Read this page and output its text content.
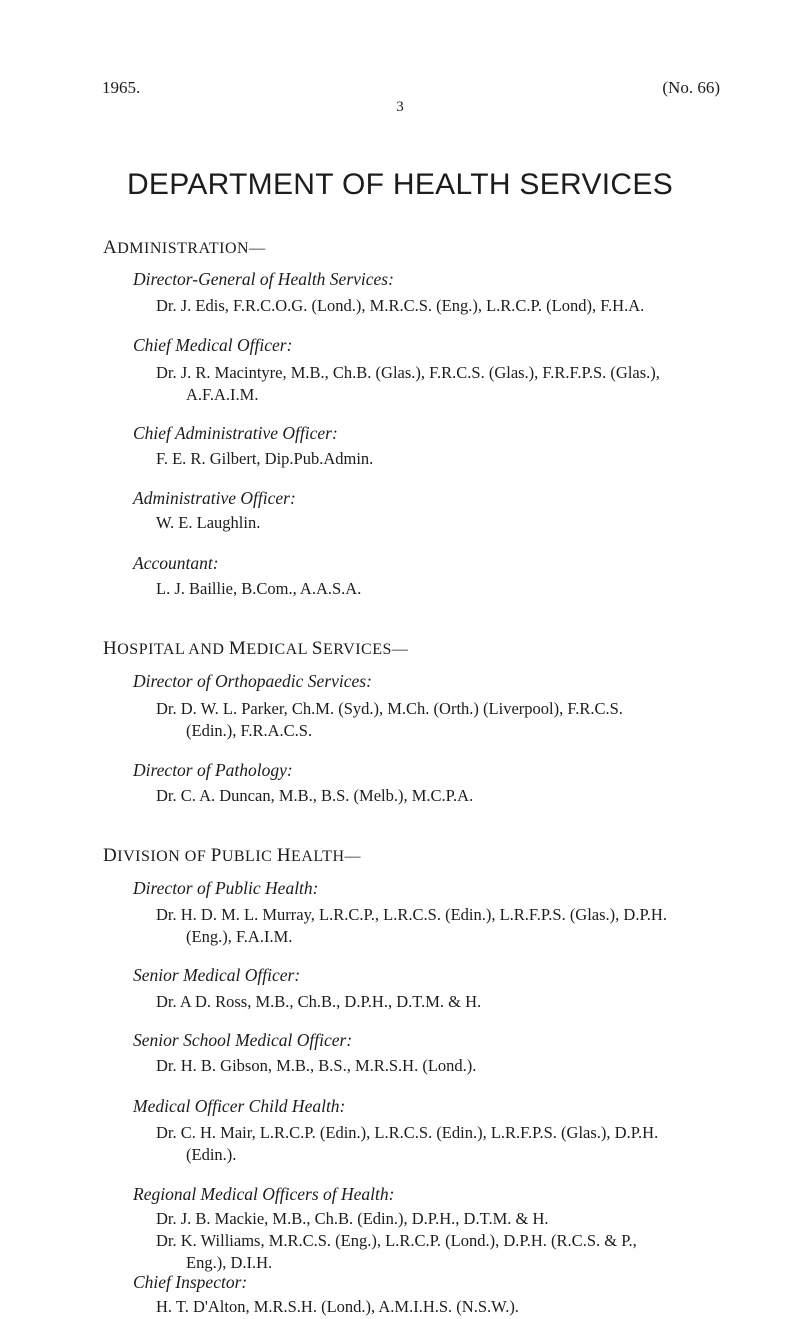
1965.	(No. 66)
3
DEPARTMENT OF HEALTH SERVICES
ADMINISTRATION—
Director-General of Health Services:
Dr. J. Edis, F.R.C.O.G. (Lond.), M.R.C.S. (Eng.), L.R.C.P. (Lond), F.H.A.
Chief Medical Officer:
Dr. J. R. Macintyre, M.B., Ch.B. (Glas.), F.R.C.S. (Glas.), F.R.F.P.S. (Glas.),
A.F.A.I.M.
Chief Administrative Officer:
F. E. R. Gilbert, Dip.Pub.Admin.
Administrative Officer:
W. E. Laughlin.
Accountant:
L. J. Baillie, B.Com., A.A.S.A.
HOSPITAL AND MEDICAL SERVICES—
Director of Orthopaedic Services:
Dr. D. W. L. Parker, Ch.M. (Syd.), M.Ch. (Orth.) (Liverpool), F.R.C.S.
(Edin.), F.R.A.C.S.
Director of Pathology:
Dr. C. A. Duncan, M.B., B.S. (Melb.), M.C.P.A.
DIVISION OF PUBLIC HEALTH—
Director of Public Health:
Dr. H. D. M. L. Murray, L.R.C.P., L.R.C.S. (Edin.), L.R.F.P.S. (Glas.), D.P.H.
(Eng.), F.A.I.M.
Senior Medical Officer:
Dr. A D. Ross, M.B., Ch.B., D.P.H., D.T.M. & H.
Senior School Medical Officer:
Dr. H. B. Gibson, M.B., B.S., M.R.S.H. (Lond.).
Medical Officer Child Health:
Dr. C. H. Mair, L.R.C.P. (Edin.), L.R.C.S. (Edin.), L.R.F.P.S. (Glas.), D.P.H.
(Edin.).
Regional Medical Officers of Health:
Dr. J. B. Mackie, M.B., Ch.B. (Edin.), D.P.H., D.T.M. & H.
Dr. K. Williams, M.R.C.S. (Eng.), L.R.C.P. (Lond.), D.P.H. (R.C.S. & P.,
Eng.), D.I.H.
Chief Inspector:
H. T. D'Alton, M.R.S.H. (Lond.), A.M.I.H.S. (N.S.W.).
